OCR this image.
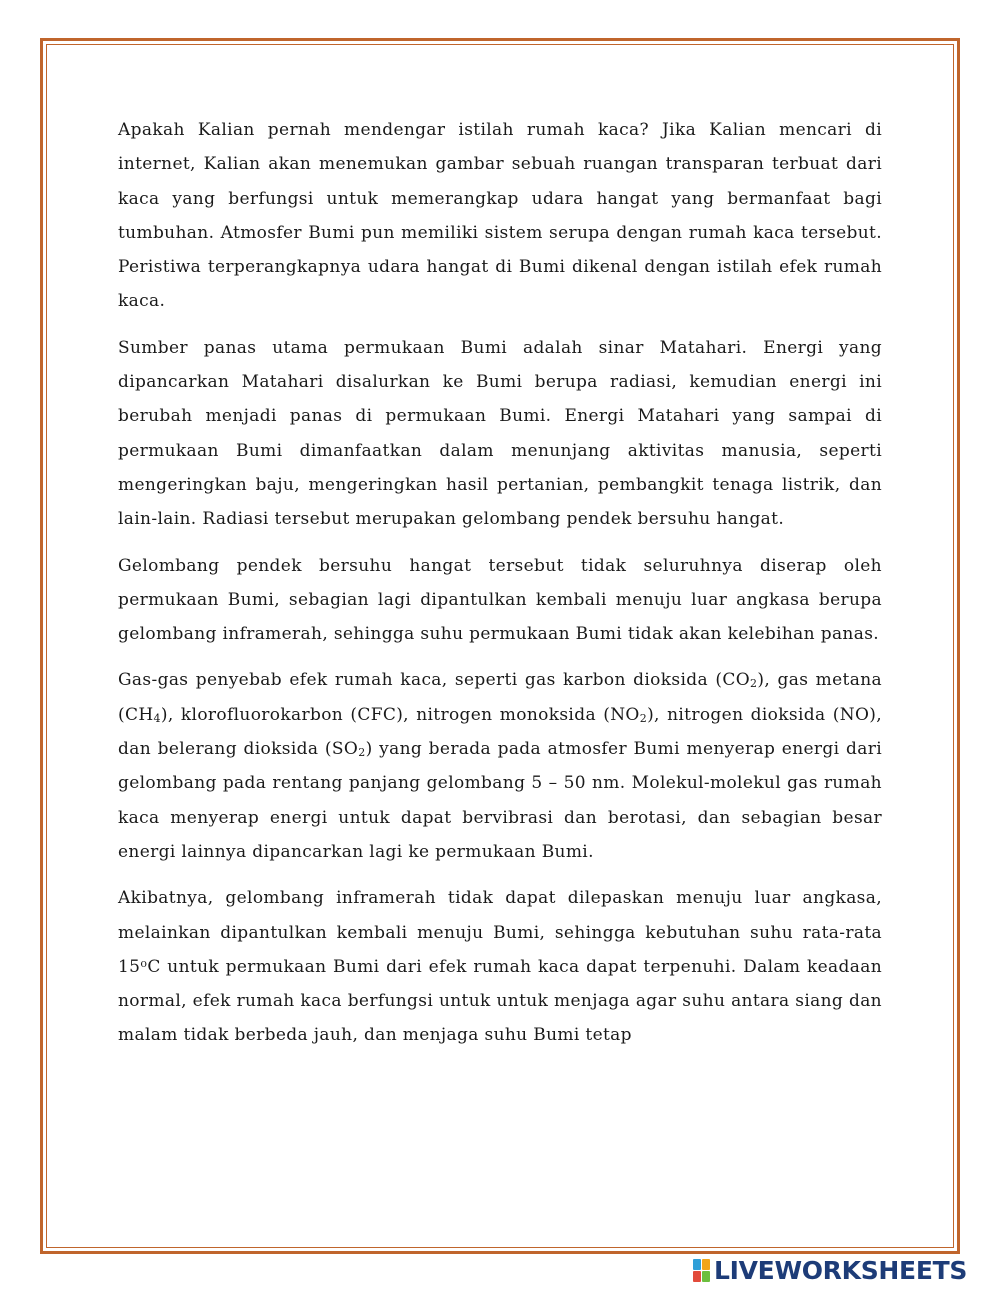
Apakah Kalian pernah mendengar istilah rumah kaca? Jika Kalian mencari di internet, Kalian akan menemukan gambar sebuah ruangan transparan terbuat dari kaca yang berfungsi untuk memerangkap udara hangat yang bermanfaat bagi tumbuhan. Atmosfer Bumi pun memiliki sistem serupa dengan rumah kaca tersebut. Peristiwa terperangkapnya udara hangat di Bumi dikenal dengan istilah efek rumah kaca.

Sumber panas utama permukaan Bumi adalah sinar Matahari. Energi yang dipancarkan Matahari disalurkan ke Bumi berupa radiasi, kemudian energi ini berubah menjadi panas di permukaan Bumi. Energi Matahari yang sampai di permukaan Bumi dimanfaatkan dalam menunjang aktivitas manusia, seperti mengeringkan baju, mengeringkan hasil pertanian, pembangkit tenaga listrik, dan lain-lain. Radiasi tersebut merupakan gelombang pendek bersuhu hangat.

Gelombang pendek bersuhu hangat tersebut tidak seluruhnya diserap oleh permukaan Bumi, sebagian lagi dipantulkan kembali menuju luar angkasa berupa gelombang inframerah, sehingga suhu permukaan Bumi tidak akan kelebihan panas.

Gas-gas penyebab efek rumah kaca, seperti gas karbon dioksida $(CO_2)$, gas metana $(CH_4)$, klorofluorokarbon (CFC), nitrogen monoksida $(NO_2)$, nitrogen dioksida (NO), dan belerang dioksida $(SO_2)$ yang berada pada atmosfer Bumi menyerap energi dari gelombang pada rentang panjang gelombang 5 – 50 nm. Molekul-molekul gas rumah kaca menyerap energi untuk dapat bervibrasi dan berotasi, dan sebagian besar energi lainnya dipancarkan lagi ke permukaan Bumi.

Akibatnya, gelombang inframerah tidak dapat dilepaskan menuju luar angkasa, melainkan dipantulkan kembali menuju Bumi, sehingga kebutuhan suhu rata-rata 15$^o$C untuk permukaan Bumi dari efek rumah kaca dapat terpenuhi. Dalam keadaan normal, efek rumah kaca berfungsi untuk untuk menjaga agar suhu antara siang dan malam tidak berbeda jauh, dan menjaga suhu Bumi tetap

LIVEWORKSHEETS
